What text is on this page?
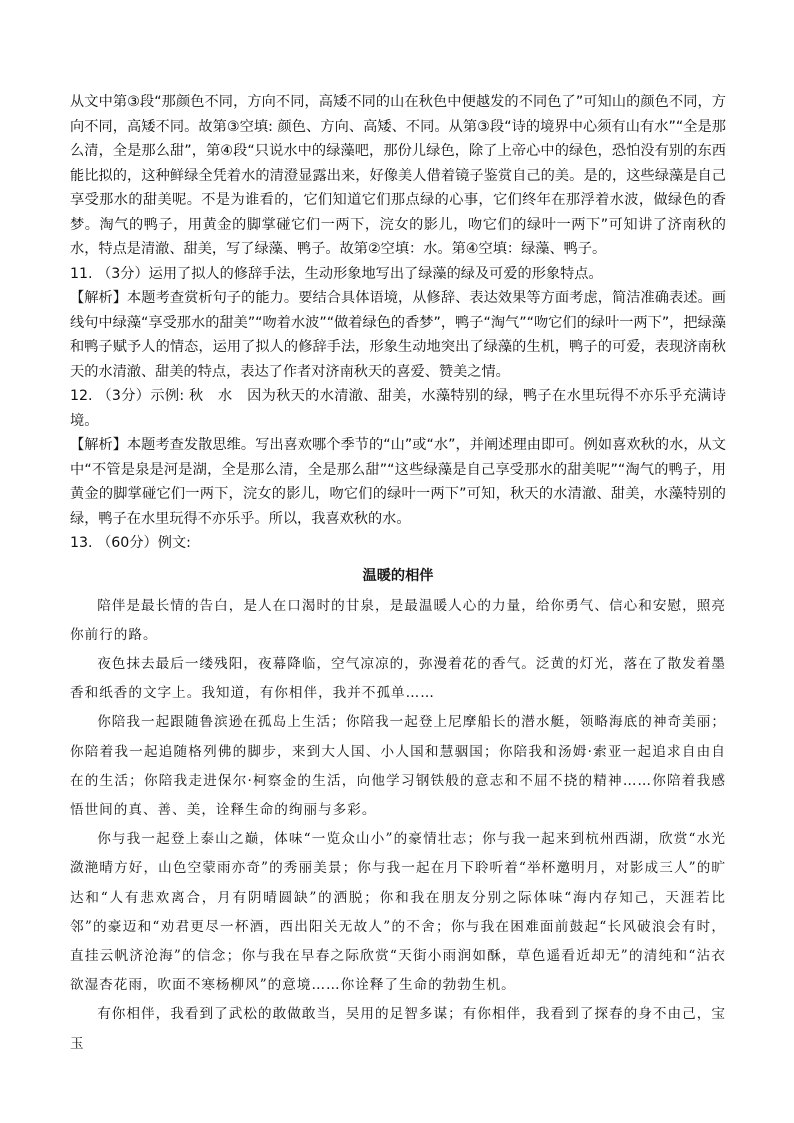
从文中第③段“那颜色不同，方向不同，高矮不同的山在秋色中便越发的不同色了”可知山的颜色不同，方向不同，高矮不同。故第③空填: 颜色、方向、高矮、不同。从第③段“诗的境界中心须有山有水”“全是那么清，全是那么甜”，第④段“只说水中的绿藻吧，那份儿绿色，除了上帝心中的绿色，恐怕没有别的东西能比拟的，这种鲜绿全凭着水的清澄显露出来，好像美人借着镜子鉴赏自己的美。是的，这些绿藻是自己享受那水的甜美呢。不是为谁看的，它们知道它们那点绿的心事，它们终年在那浮着水波，做绿色的香梦。淘气的鸭子，用黄金的脚掌碰它们一两下，浣女的影儿，吻它们的绿叶一两下”可知讲了济南秋的水，特点是清澈、甜美，写了绿藻、鸭子。故第②空填：水。第④空填：绿藻、鸭子。

11. （3分）运用了拟人的修辞手法，生动形象地写出了绿藻的绿及可爱的形象特点。

【解析】本题考查赏析句子的能力。要结合具体语境，从修辞、表达效果等方面考虑，简洁准确表述。画线句中绿藻“享受那水的甜美”“吻着水波”“做着绿色的香梦”，鸭子“淘气”“吻它们的绿叶一两下”，把绿藻和鸭子赋予人的情态，运用了拟人的修辞手法，形象生动地突出了绿藻的生机，鸭子的可爱，表现济南秋天的水清澈、甜美的特点，表达了作者对济南秋天的喜爱、赞美之情。

12. （3分）示例: 秋　水　因为秋天的水清澈、甜美，水藻特别的绿，鸭子在水里玩得不亦乐乎充满诗境。

【解析】本题考查发散思维。写出喜欢哪个季节的“山”或“水”，并阐述理由即可。例如喜欢秋的水，从文中“不管是泉是河是湖，全是那么清，全是那么甜”“这些绿藻是自己享受那水的甜美呢”“淘气的鸭子，用黄金的脚掌碰它们一两下，浣女的影儿，吻它们的绿叶一两下”可知，秋天的水清澈、甜美，水藻特别的绿，鸭子在水里玩得不亦乐乎。所以，我喜欢秋的水。

13. （60分）例文:

温暖的相伴

陪伴是最长情的告白，是人在口渴时的甘泉，是最温暖人心的力量，给你勇气、信心和安慰，照亮你前行的路。

夜色抹去最后一缕残阳，夜幕降临，空气凉凉的，弥漫着花的香气。泛黄的灯光，落在了散发着墨香和纸香的文字上。我知道，有你相伴，我并不孤单……

你陪我一起跟随鲁滨逊在孤岛上生活；你陪我一起登上尼摩船长的潜水艇，领略海底的神奇美丽；你陪着我一起追随格列佛的脚步，来到大人国、小人国和慧骃国；你陪我和汤姆·索亚一起追求自由自在的生活；你陪我走进保尔·柯察金的生活，向他学习钢铁般的意志和不屈不挠的精神……你陪着我感悟世间的真、善、美，诠释生命的绚丽与多彩。

你与我一起登上泰山之巅，体味“一览众山小”的豪情壮志；你与我一起来到杭州西湖，欣赏“水光潋滟晴方好，山色空蒙雨亦奇”的秀丽美景；你与我一起在月下聆听着“举杯邀明月，对影成三人”的旷达和“人有悲欢离合，月有阴晴圆缺”的洒脱；你和我在朋友分别之际体味“海内存知己，天涯若比邻”的豪迈和“劝君更尽一杯酒，西出阳关无故人”的不舍；你与我在困难面前鼓起“长风破浪会有时，直挂云帆济沧海”的信念；你与我在早春之际欣赏“天街小雨润如酥，草色遥看近却无”的清纯和“沾衣欲湿杏花雨，吹面不寒杨柳风”的意境……你诠释了生命的勃勃生机。

有你相伴，我看到了武松的敢做敢当，吴用的足智多谋；有你相伴，我看到了探春的身不由己，宝玉
